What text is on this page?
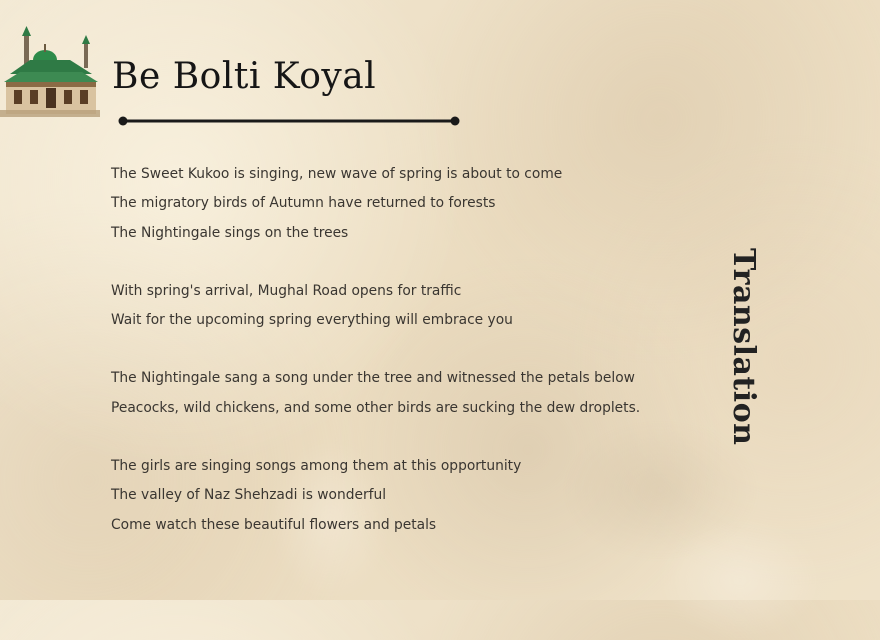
Be Bolti Koyal

The Sweet Kukoo is singing, new wave of spring is about to come
The migratory birds of Autumn have returned to forests
The Nightingale sings on the trees

With spring's arrival, Mughal Road opens for traffic
Wait for the upcoming spring everything will embrace you

The Nightingale sang a song under the tree and witnessed the petals below
Peacocks, wild chickens, and some other birds are sucking the dew droplets.

The girls are singing songs among them at this opportunity
The valley of Naz Shehzadi is wonderful
Come watch these beautiful flowers and petals

Translation
